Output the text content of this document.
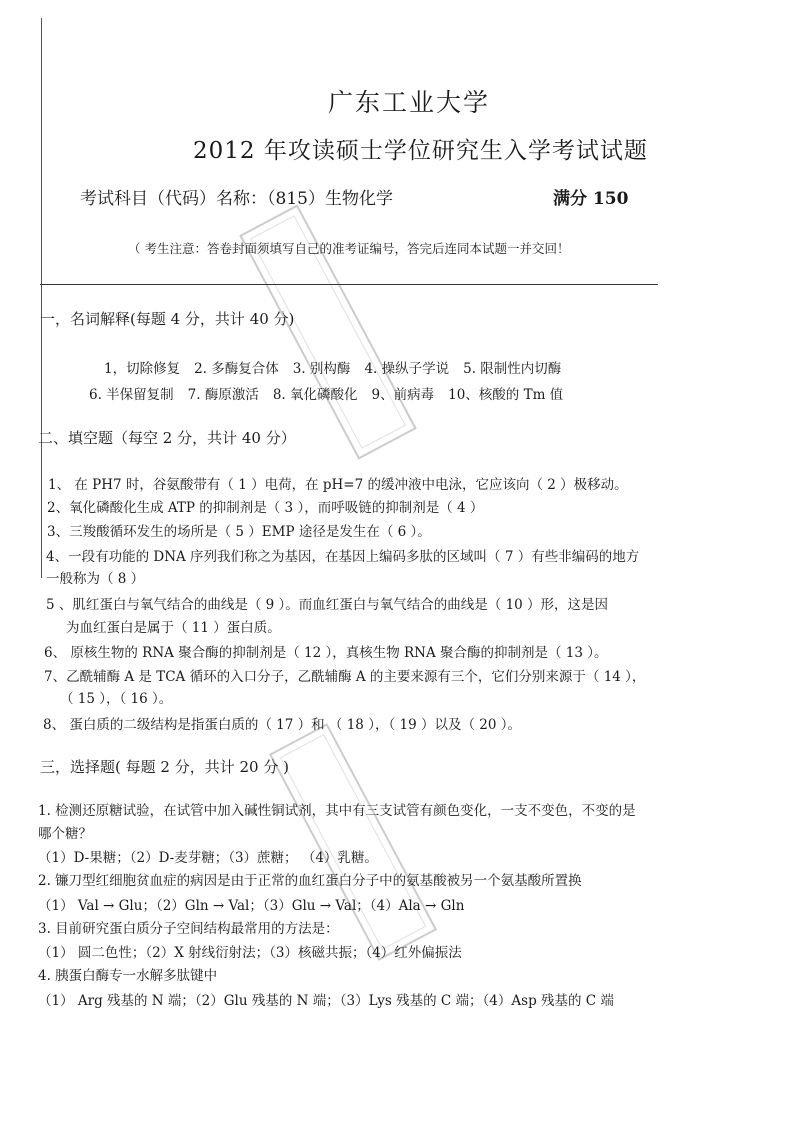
广东工业大学
2012 年攻读硕士学位研究生入学考试试题
考试科目（代码）名称：（815）生物化学	满分 150
（ 考生注意：答卷封面须填写自己的准考证编号，答完后连同本试题一并交回！
一，名词解释(每题 4 分，共计 40 分)
1，切除修复 2. 多酶复合体 3. 别构酶 4. 操纵子学说 5. 限制性内切酶
6. 半保留复制 7. 酶原激活 8. 氧化磷酸化 9、前病毒 10、核酸的 Tm 值
二、填空题（每空 2 分，共计 40 分）
1、 在 PH7 时，谷氨酸带有（ 1 ）电荷，在 pH=7 的缓冲液中电泳，它应该向（ 2 ）极移动。
2、氧化磷酸化生成 ATP 的抑制剂是（ 3 ），而呼吸链的抑制剂是（ 4 ）
3、三羧酸循环发生的场所是（ 5 ）EMP 途径是发生在（ 6 ）。
4、一段有功能的 DNA 序列我们称之为基因，在基因上编码多肽的区域叫（ 7 ）有些非编码的地方
一般称为（ 8 ）
5 、肌红蛋白与氧气结合的曲线是（ 9 ）。而血红蛋白与氧气结合的曲线是（ 10 ）形，这是因
为血红蛋白是属于（ 11 ）蛋白质。
6、 原核生物的 RNA 聚合酶的抑制剂是（ 12 ），真核生物 RNA 聚合酶的抑制剂是（ 13 ）。
7、乙酰辅酶 A 是 TCA 循环的入口分子，乙酰辅酶 A 的主要来源有三个，它们分别来源于（ 14 ），
（ 15 ），（ 16 ）。
8、 蛋白质的二级结构是指蛋白质的（ 17 ）和 （ 18 ），（ 19 ）以及（ 20 ）。
三，选择题( 每题 2 分，共计 20 分 )
1. 检测还原糖试验，在试管中加入碱性铜试剂，其中有三支试管有颜色变化，一支不变色，不变的是
哪个糖？
（1）D-果糖；（2）D-麦芽糖；（3）蔗糖； （4）乳糖。
2. 镰刀型红细胞贫血症的病因是由于正常的血红蛋白分子中的氨基酸被另一个氨基酸所置换
（1） Val → Glu；（2）Gln → Val；（3）Glu → Val；（4）Ala → Gln
3. 目前研究蛋白质分子空间结构最常用的方法是：
（1） 圆二色性；（2）X 射线衍射法；（3）核磁共振；（4）红外偏振法
4. 胰蛋白酶专一水解多肽键中
（1） Arg 残基的 N 端；（2）Glu 残基的 N 端；（3）Lys 残基的 C 端；（4）Asp 残基的 C 端
